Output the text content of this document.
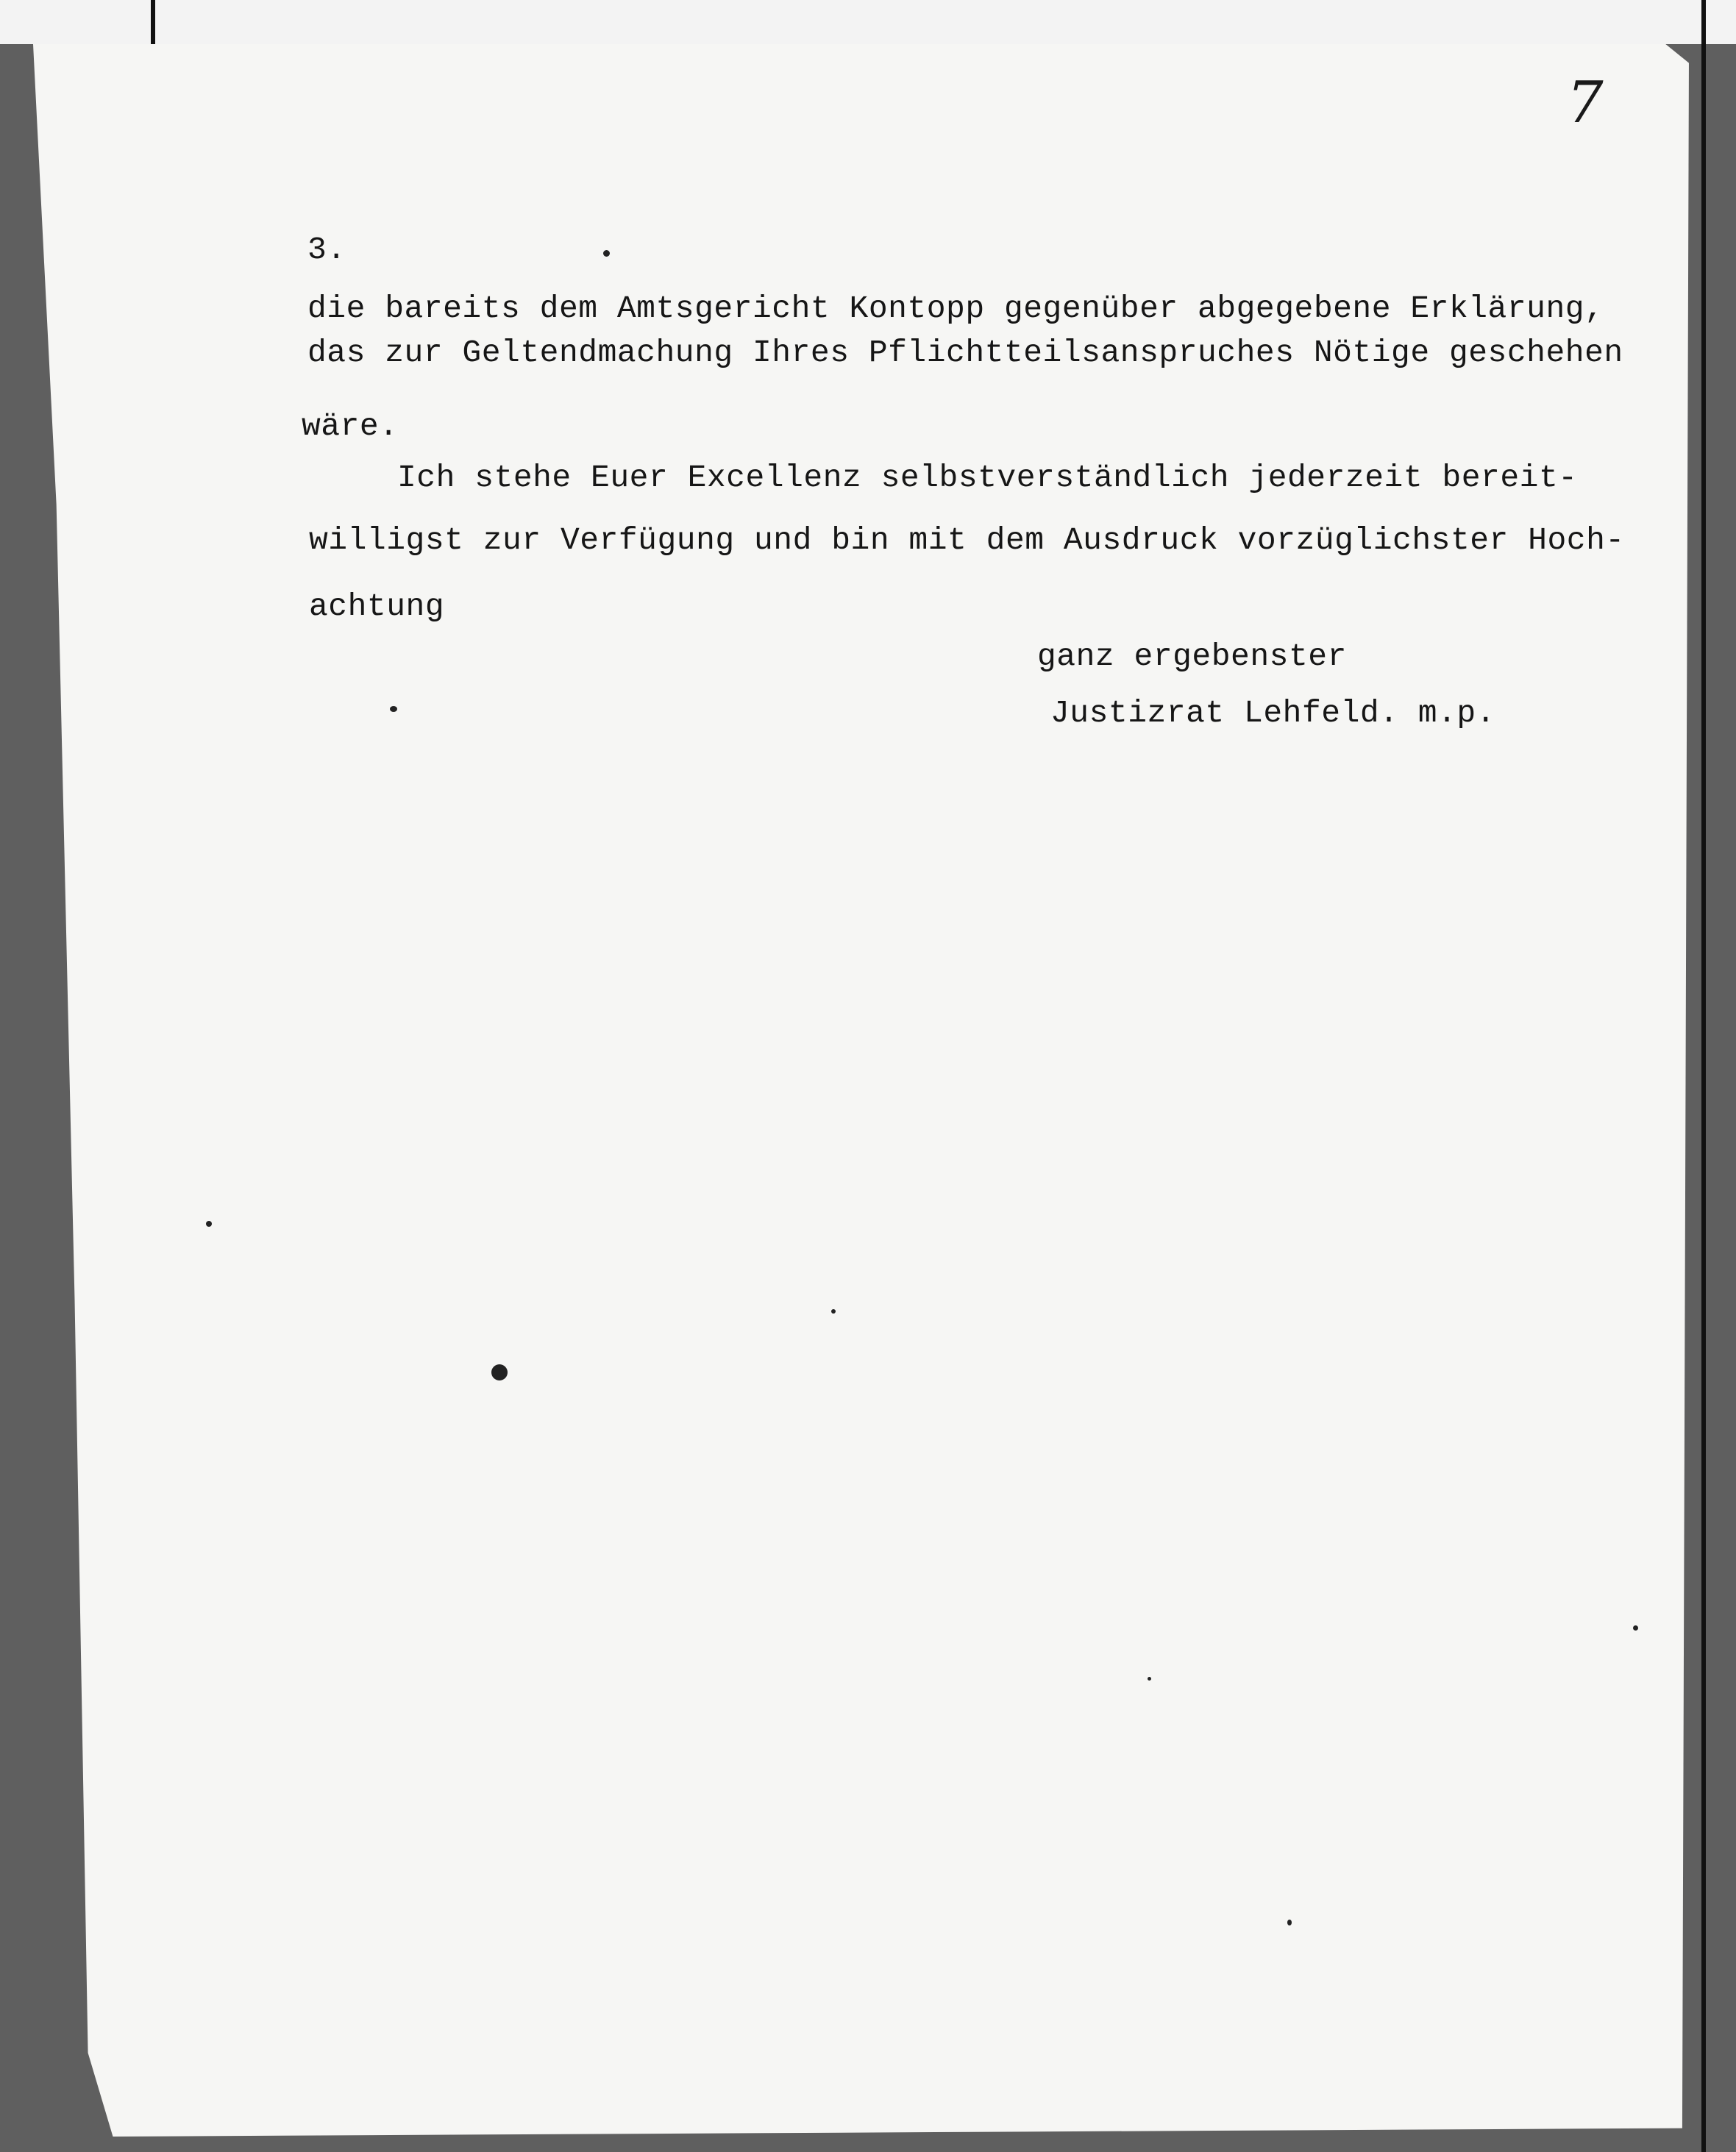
7
3.
die bareits dem Amtsgericht Kontopp gegenüber abgegebene Erklärung,
das zur Geltendmachung Ihres Pflichtteilsanspruches Nötige geschehen
wäre.
Ich stehe Euer Excellenz selbstverständlich jederzeit bereit-
willigst zur Verfügung und bin mit dem Ausdruck vorzüglichster Hoch-
achtung
ganz ergebenster
Justizrat Lehfeld. m.p.
